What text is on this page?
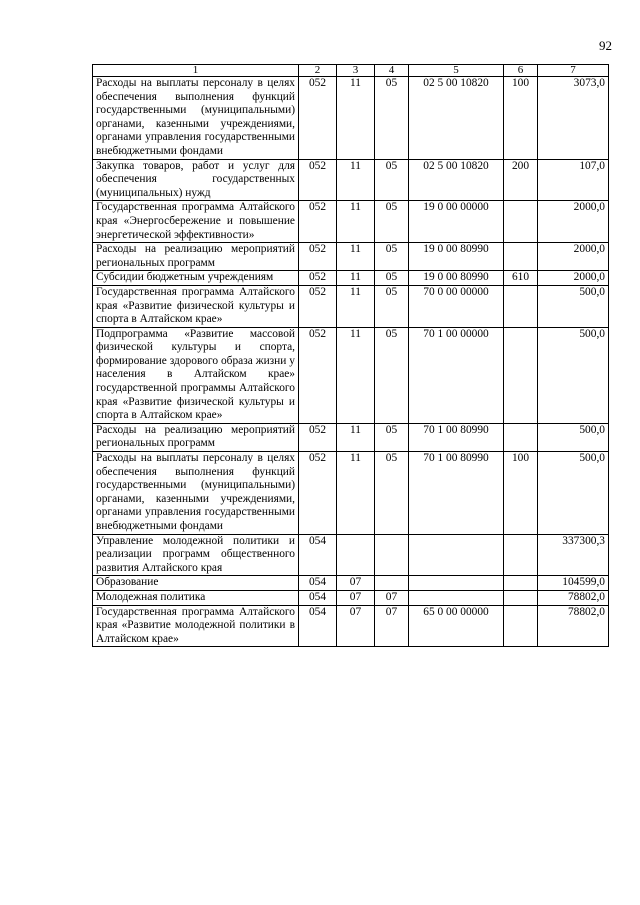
92
1	2	3	4	5	6	7
Расходы на выплаты персоналу в целях обеспечения выполнения функций государственными (муниципальными) органами, казенными учреждениями, органами управления государственными внебюджетными фондами	052	11	05	02 5 00 10820	100	3073,0
Закупка товаров, работ и услуг для обеспечения государственных (муниципальных) нужд	052	11	05	02 5 00 10820	200	107,0
Государственная программа Алтайского края «Энергосбережение и повышение энергетической эффективности»	052	11	05	19 0 00 00000		2000,0
Расходы на реализацию мероприятий региональных программ	052	11	05	19 0 00 80990		2000,0
Субсидии бюджетным учреждениям	052	11	05	19 0 00 80990	610	2000,0
Государственная программа Алтайского края «Развитие физической культуры и спорта в Алтайском крае»	052	11	05	70 0 00 00000		500,0
Подпрограмма «Развитие массовой физической культуры и спорта, формирование здорового образа жизни у населения в Алтайском крае» государственной программы Алтайского края «Развитие физической культуры и спорта в Алтайском крае»	052	11	05	70 1 00 00000		500,0
Расходы на реализацию мероприятий региональных программ	052	11	05	70 1 00 80990		500,0
Расходы на выплаты персоналу в целях обеспечения выполнения функций государственными (муниципальными) органами, казенными учреждениями, органами управления государственными внебюджетными фондами	052	11	05	70 1 00 80990	100	500,0
Управление молодежной политики и реализации программ общественного развития Алтайского края	054					337300,3
Образование	054	07				104599,0
Молодежная политика	054	07	07			78802,0
Государственная программа Алтайского края «Развитие молодежной политики в Алтайском крае»	054	07	07	65 0 00 00000		78802,0
